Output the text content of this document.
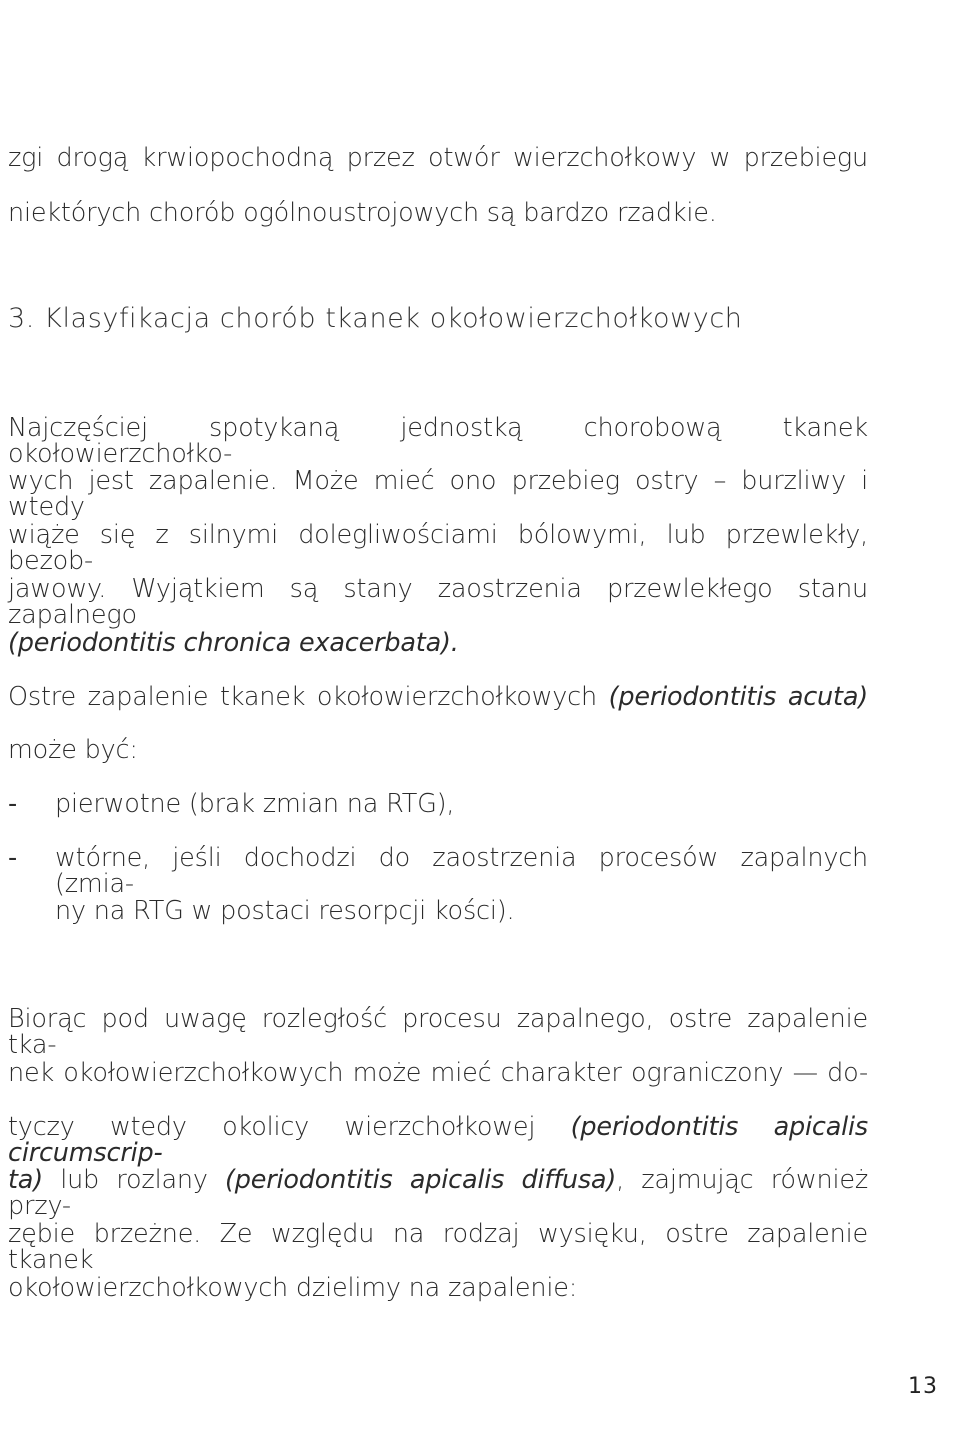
zgi drogą krwiopochodną przez otwór wierzchołkowy w przebiegu
niektórych chorób ogólnoustrojowych są bardzo rzadkie.
3. Klasyfikacja chorób tkanek okołowierzchołkowych
Najczęściej spotykaną jednostką chorobową tkanek okołowierzchołko-
wych jest zapalenie. Może mieć ono przebieg ostry – burzliwy i wtedy
wiąże się z silnymi dolegliwościami bólowymi, lub przewlekły, bezob-
jawowy. Wyjątkiem są stany zaostrzenia przewlekłego stanu zapalnego
(periodontitis chronica exacerbata).
Ostre zapalenie tkanek okołowierzchołkowych (periodontitis acuta)
może być:
- pierwotne (brak zmian na RTG),
- wtórne, jeśli dochodzi do zaostrzenia procesów zapalnych (zmia-
ny na RTG w postaci resorpcji kości).
Biorąc pod uwagę rozległość procesu zapalnego, ostre zapalenie tka-
nek okołowierzchołkowych może mieć charakter ograniczony — do-
tyczy wtedy okolicy wierzchołkowej (periodontitis apicalis circumscrip-
ta) lub rozlany (periodontitis apicalis diffusa), zajmując również przy-
zębie brzeżne. Ze względu na rodzaj wysięku, ostre zapalenie tkanek
okołowierzchołkowych dzielimy na zapalenie:
13
